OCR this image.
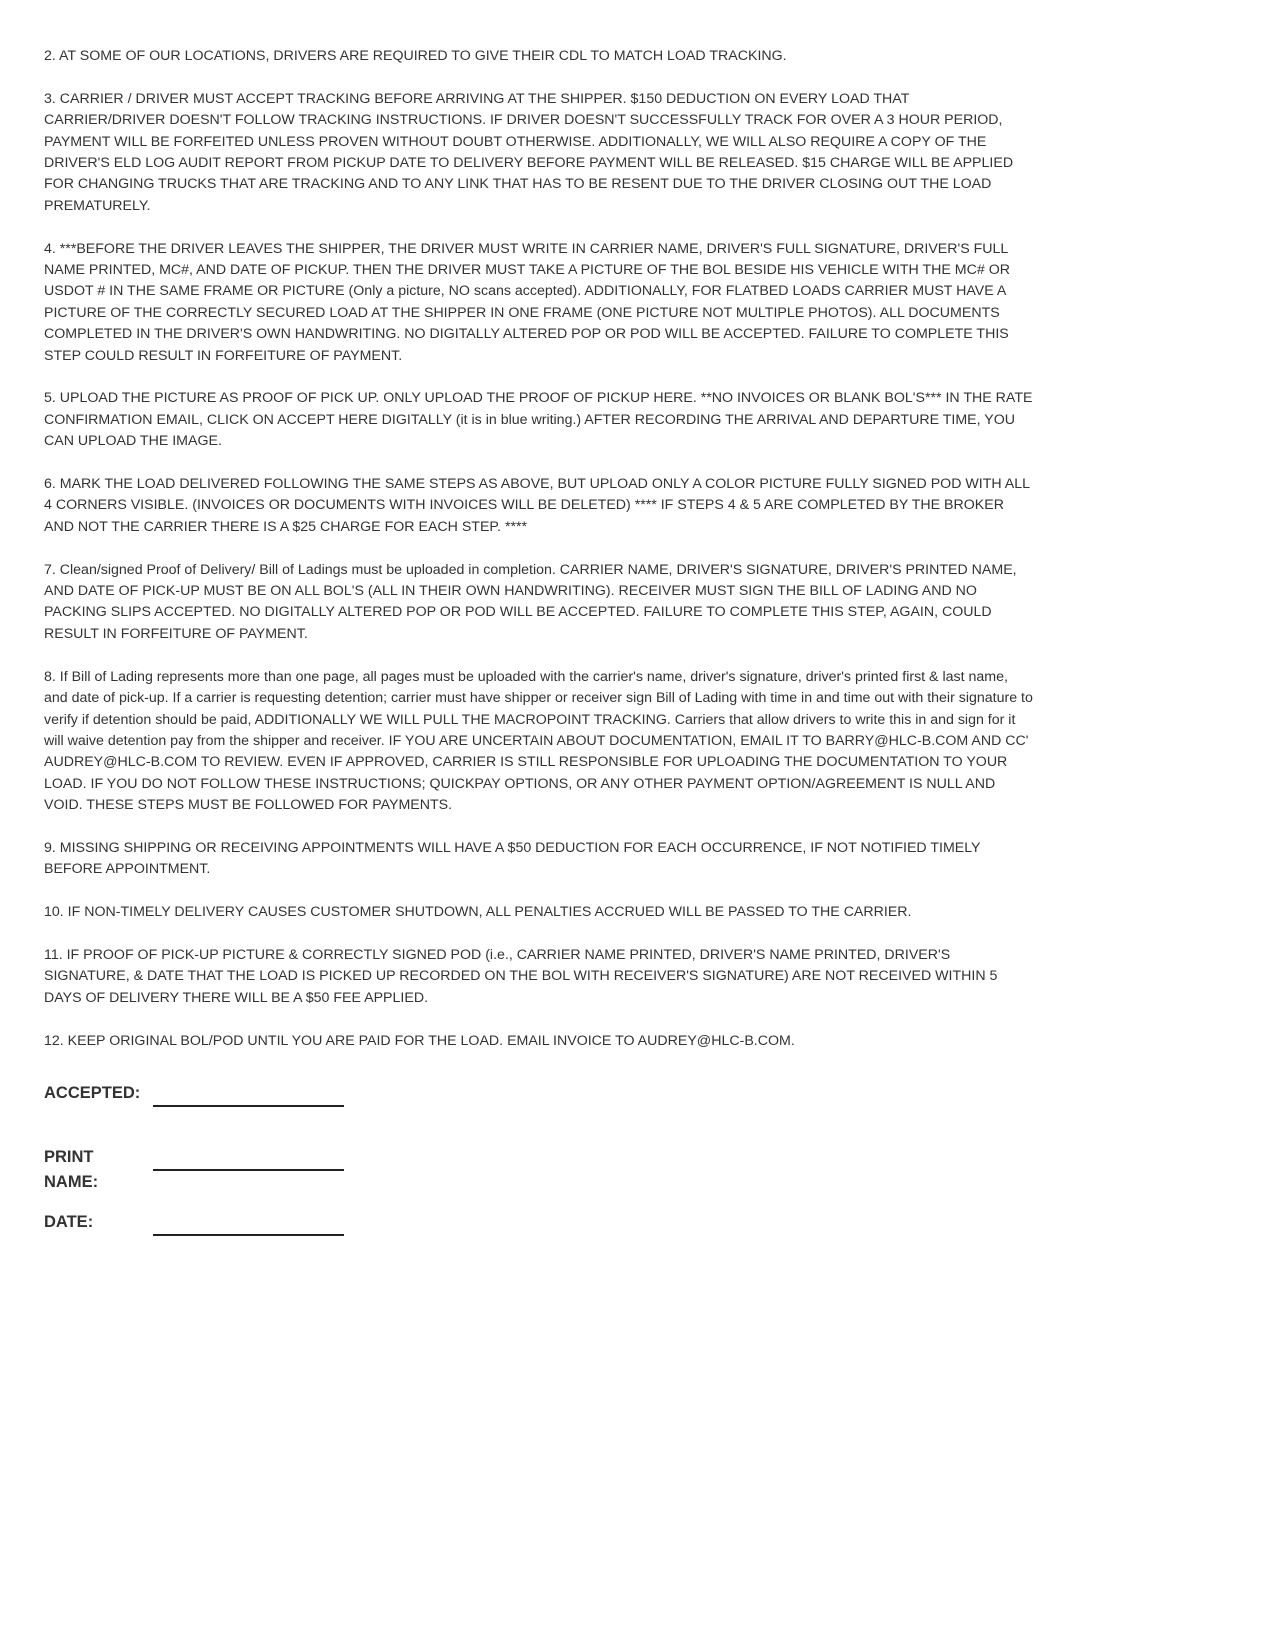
2. AT SOME OF OUR LOCATIONS, DRIVERS ARE REQUIRED TO GIVE THEIR CDL TO MATCH LOAD TRACKING.

3. CARRIER / DRIVER MUST ACCEPT TRACKING BEFORE ARRIVING AT THE SHIPPER. $150 DEDUCTION ON EVERY LOAD THAT CARRIER/DRIVER DOESN'T FOLLOW TRACKING INSTRUCTIONS. IF DRIVER DOESN'T SUCCESSFULLY TRACK FOR OVER A 3 HOUR PERIOD, PAYMENT WILL BE FORFEITED UNLESS PROVEN WITHOUT DOUBT OTHERWISE. ADDITIONALLY, WE WILL ALSO REQUIRE A COPY OF THE DRIVER'S ELD LOG AUDIT REPORT FROM PICKUP DATE TO DELIVERY BEFORE PAYMENT WILL BE RELEASED. $15 CHARGE WILL BE APPLIED FOR CHANGING TRUCKS THAT ARE TRACKING AND TO ANY LINK THAT HAS TO BE RESENT DUE TO THE DRIVER CLOSING OUT THE LOAD PREMATURELY.

4. ***BEFORE THE DRIVER LEAVES THE SHIPPER, THE DRIVER MUST WRITE IN CARRIER NAME, DRIVER'S FULL SIGNATURE, DRIVER'S FULL NAME PRINTED, MC#, AND DATE OF PICKUP. THEN THE DRIVER MUST TAKE A PICTURE OF THE BOL BESIDE HIS VEHICLE WITH THE MC# OR USDOT # IN THE SAME FRAME OR PICTURE (Only a picture, NO scans accepted). ADDITIONALLY, FOR FLATBED LOADS CARRIER MUST HAVE A PICTURE OF THE CORRECTLY SECURED LOAD AT THE SHIPPER IN ONE FRAME (ONE PICTURE NOT MULTIPLE PHOTOS). ALL DOCUMENTS COMPLETED IN THE DRIVER'S OWN HANDWRITING. NO DIGITALLY ALTERED POP OR POD WILL BE ACCEPTED. FAILURE TO COMPLETE THIS STEP COULD RESULT IN FORFEITURE OF PAYMENT.

5. UPLOAD THE PICTURE AS PROOF OF PICK UP. ONLY UPLOAD THE PROOF OF PICKUP HERE. **NO INVOICES OR BLANK BOL'S*** IN THE RATE CONFIRMATION EMAIL, CLICK ON ACCEPT HERE DIGITALLY (it is in blue writing.) AFTER RECORDING THE ARRIVAL AND DEPARTURE TIME, YOU CAN UPLOAD THE IMAGE.

6. MARK THE LOAD DELIVERED FOLLOWING THE SAME STEPS AS ABOVE, BUT UPLOAD ONLY A COLOR PICTURE FULLY SIGNED POD WITH ALL 4 CORNERS VISIBLE. (INVOICES OR DOCUMENTS WITH INVOICES WILL BE DELETED) **** IF STEPS 4 & 5 ARE COMPLETED BY THE BROKER AND NOT THE CARRIER THERE IS A $25 CHARGE FOR EACH STEP. ****

7. Clean/signed Proof of Delivery/ Bill of Ladings must be uploaded in completion. CARRIER NAME, DRIVER'S SIGNATURE, DRIVER'S PRINTED NAME, AND DATE OF PICK-UP MUST BE ON ALL BOL'S (ALL IN THEIR OWN HANDWRITING). RECEIVER MUST SIGN THE BILL OF LADING AND NO PACKING SLIPS ACCEPTED. NO DIGITALLY ALTERED POP OR POD WILL BE ACCEPTED. FAILURE TO COMPLETE THIS STEP, AGAIN, COULD RESULT IN FORFEITURE OF PAYMENT.

8. If Bill of Lading represents more than one page, all pages must be uploaded with the carrier's name, driver's signature, driver's printed first & last name, and date of pick-up. If a carrier is requesting detention; carrier must have shipper or receiver sign Bill of Lading with time in and time out with their signature to verify if detention should be paid, ADDITIONALLY WE WILL PULL THE MACROPOINT TRACKING. Carriers that allow drivers to write this in and sign for it will waive detention pay from the shipper and receiver. IF YOU ARE UNCERTAIN ABOUT DOCUMENTATION, EMAIL IT TO BARRY@HLC-B.COM AND CC' AUDREY@HLC-B.COM TO REVIEW. EVEN IF APPROVED, CARRIER IS STILL RESPONSIBLE FOR UPLOADING THE DOCUMENTATION TO YOUR LOAD. IF YOU DO NOT FOLLOW THESE INSTRUCTIONS; QUICKPAY OPTIONS, OR ANY OTHER PAYMENT OPTION/AGREEMENT IS NULL AND VOID. THESE STEPS MUST BE FOLLOWED FOR PAYMENTS.

9. MISSING SHIPPING OR RECEIVING APPOINTMENTS WILL HAVE A $50 DEDUCTION FOR EACH OCCURRENCE, IF NOT NOTIFIED TIMELY BEFORE APPOINTMENT.

10. IF NON-TIMELY DELIVERY CAUSES CUSTOMER SHUTDOWN, ALL PENALTIES ACCRUED WILL BE PASSED TO THE CARRIER.

11. IF PROOF OF PICK-UP PICTURE & CORRECTLY SIGNED POD (i.e., CARRIER NAME PRINTED, DRIVER'S NAME PRINTED, DRIVER'S SIGNATURE, & DATE THAT THE LOAD IS PICKED UP RECORDED ON THE BOL WITH RECEIVER'S SIGNATURE) ARE NOT RECEIVED WITHIN 5 DAYS OF DELIVERY THERE WILL BE A $50 FEE APPLIED.

12. KEEP ORIGINAL BOL/POD UNTIL YOU ARE PAID FOR THE LOAD. EMAIL INVOICE TO AUDREY@HLC-B.COM.

ACCEPTED:
PRINT
NAME:
DATE:
